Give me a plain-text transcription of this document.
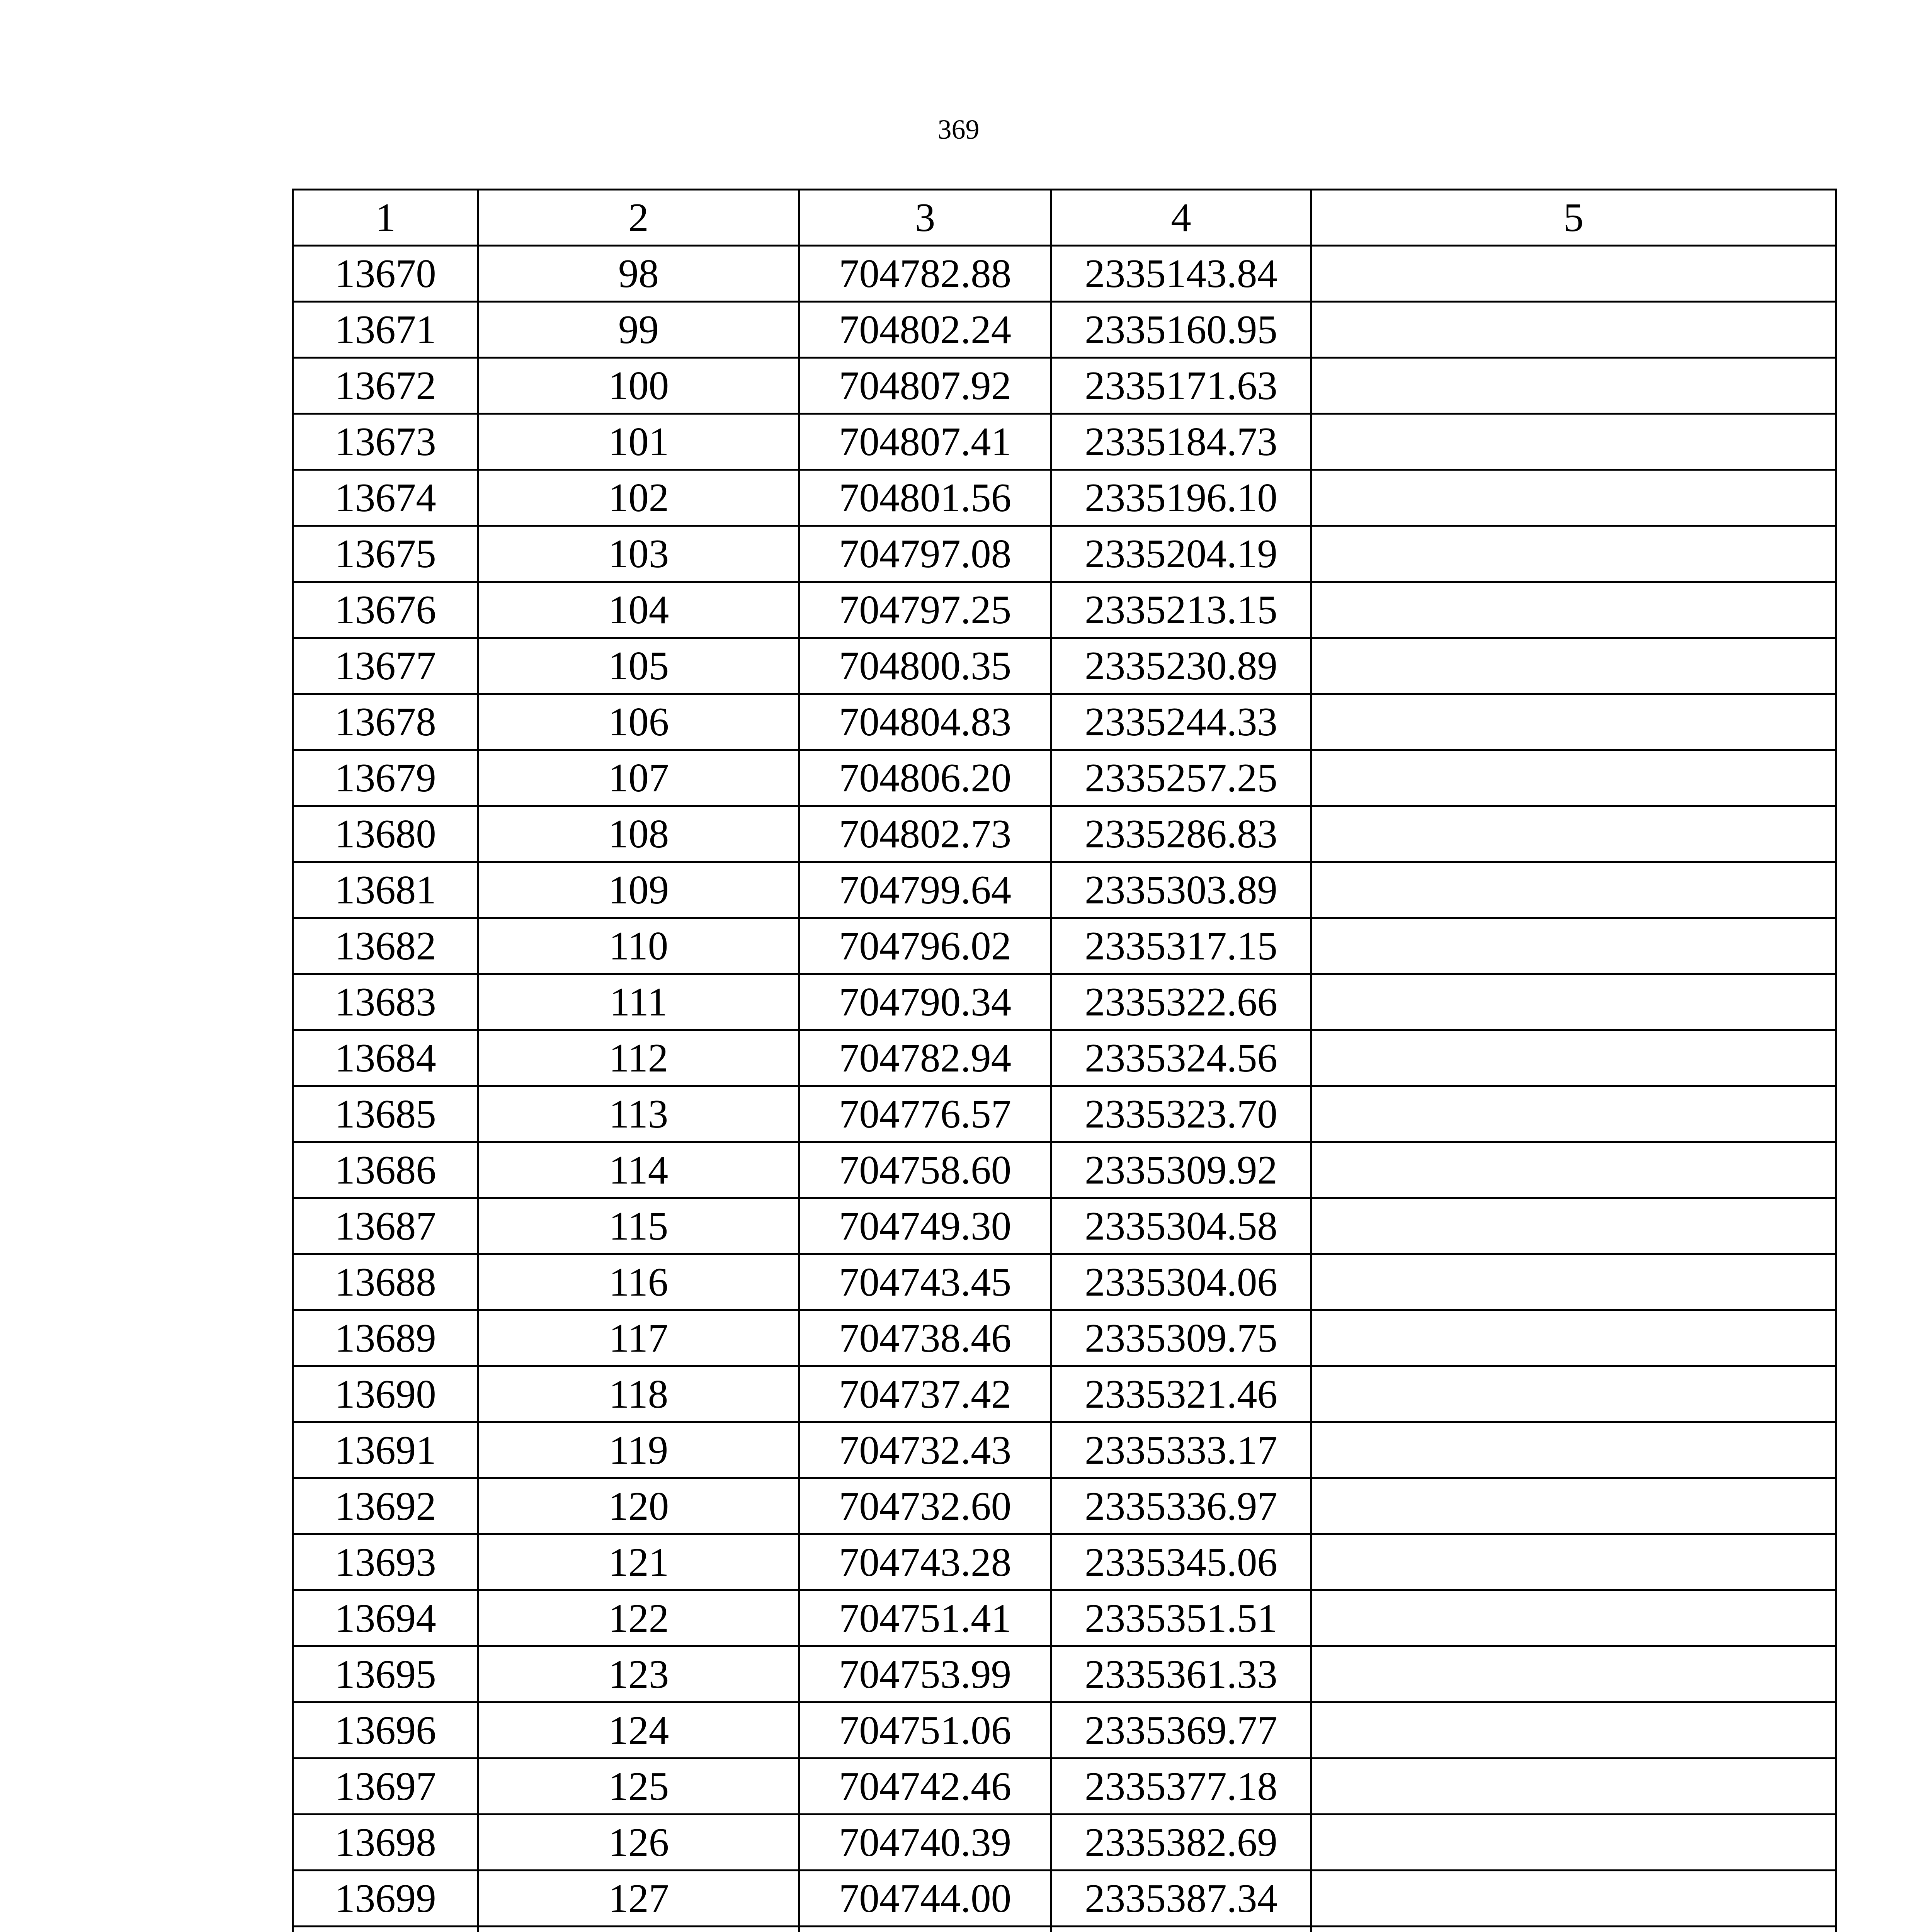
369
1	2	3	4	5
13670	98	704782.88	2335143.84	
13671	99	704802.24	2335160.95	
13672	100	704807.92	2335171.63	
13673	101	704807.41	2335184.73	
13674	102	704801.56	2335196.10	
13675	103	704797.08	2335204.19	
13676	104	704797.25	2335213.15	
13677	105	704800.35	2335230.89	
13678	106	704804.83	2335244.33	
13679	107	704806.20	2335257.25	
13680	108	704802.73	2335286.83	
13681	109	704799.64	2335303.89	
13682	110	704796.02	2335317.15	
13683	111	704790.34	2335322.66	
13684	112	704782.94	2335324.56	
13685	113	704776.57	2335323.70	
13686	114	704758.60	2335309.92	
13687	115	704749.30	2335304.58	
13688	116	704743.45	2335304.06	
13689	117	704738.46	2335309.75	
13690	118	704737.42	2335321.46	
13691	119	704732.43	2335333.17	
13692	120	704732.60	2335336.97	
13693	121	704743.28	2335345.06	
13694	122	704751.41	2335351.51	
13695	123	704753.99	2335361.33	
13696	124	704751.06	2335369.77	
13697	125	704742.46	2335377.18	
13698	126	704740.39	2335382.69	
13699	127	704744.00	2335387.34	
